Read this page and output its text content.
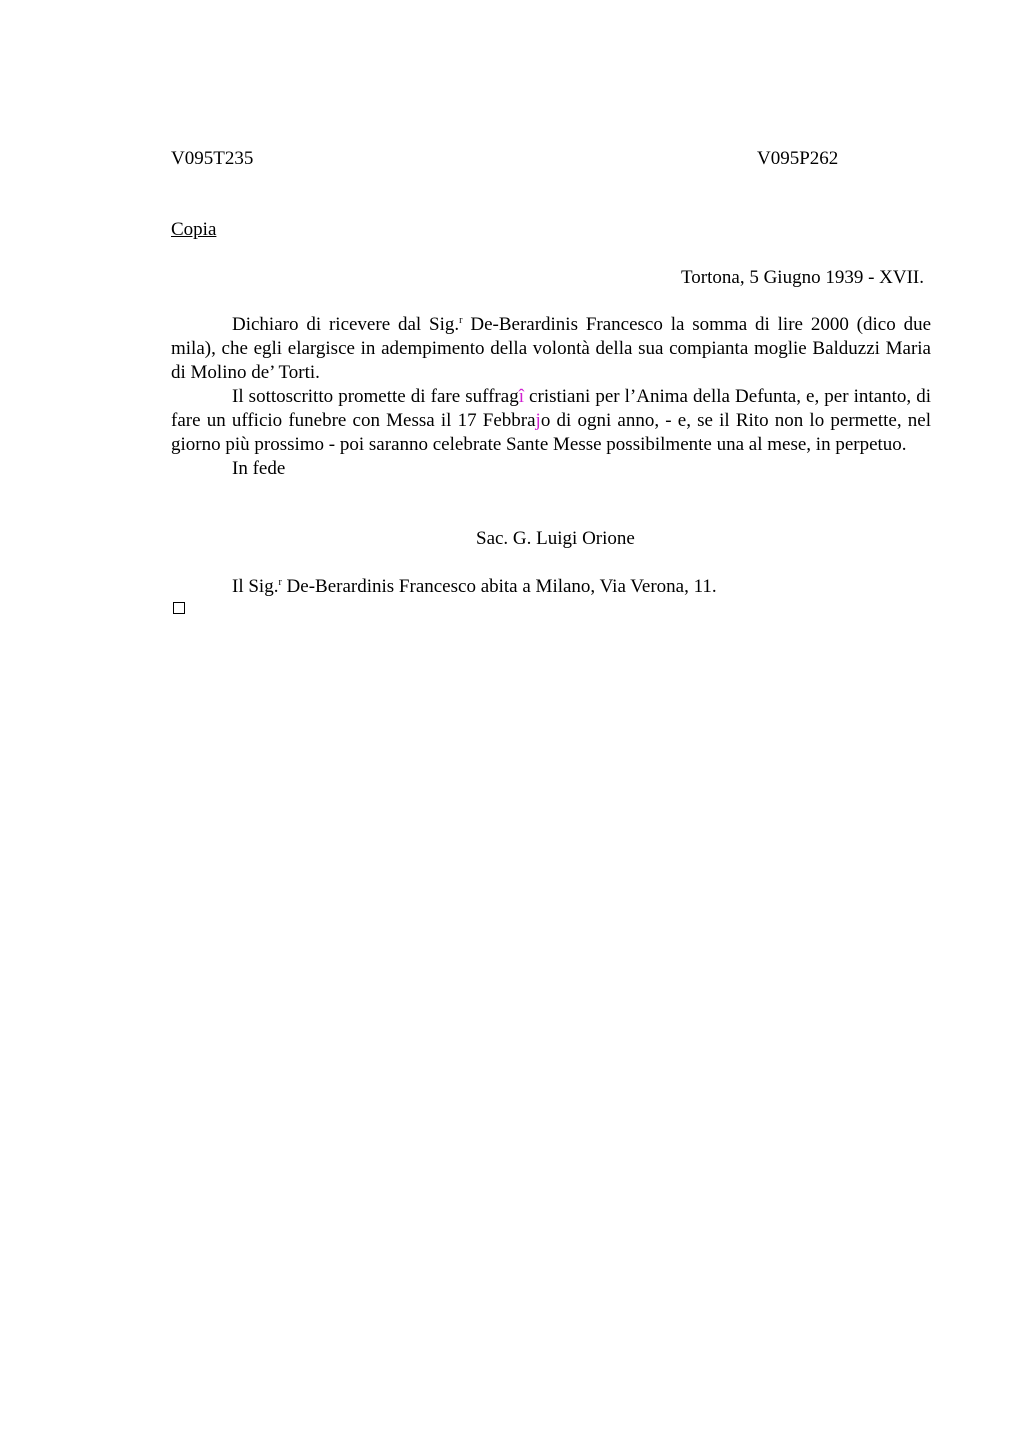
V095T235	V095P262
Copia
Tortona, 5 Giugno 1939 - XVII.

Dichiaro di ricevere dal Sig.$^r$ De-Berardinis Francesco la somma di lire 2000 (dico due mila), che egli elargisce in adempimento della volontà della sua compianta moglie Balduzzi Maria di Molino de’ Torti.

Il sottoscritto promette di fare suffragî cristiani per l’Anima della Defunta, e, per intanto, di fare un ufficio funebre con Messa il 17 Febbrajo di ogni anno, - e, se il Rito non lo permette, nel giorno più prossimo - poi saranno celebrate Sante Messe possibilmente una al mese, in perpetuo.

In fede

Sac. G. Luigi Orione
Il Sig.$^r$ De-Berardinis Francesco abita a Milano, Via Verona, 11.
